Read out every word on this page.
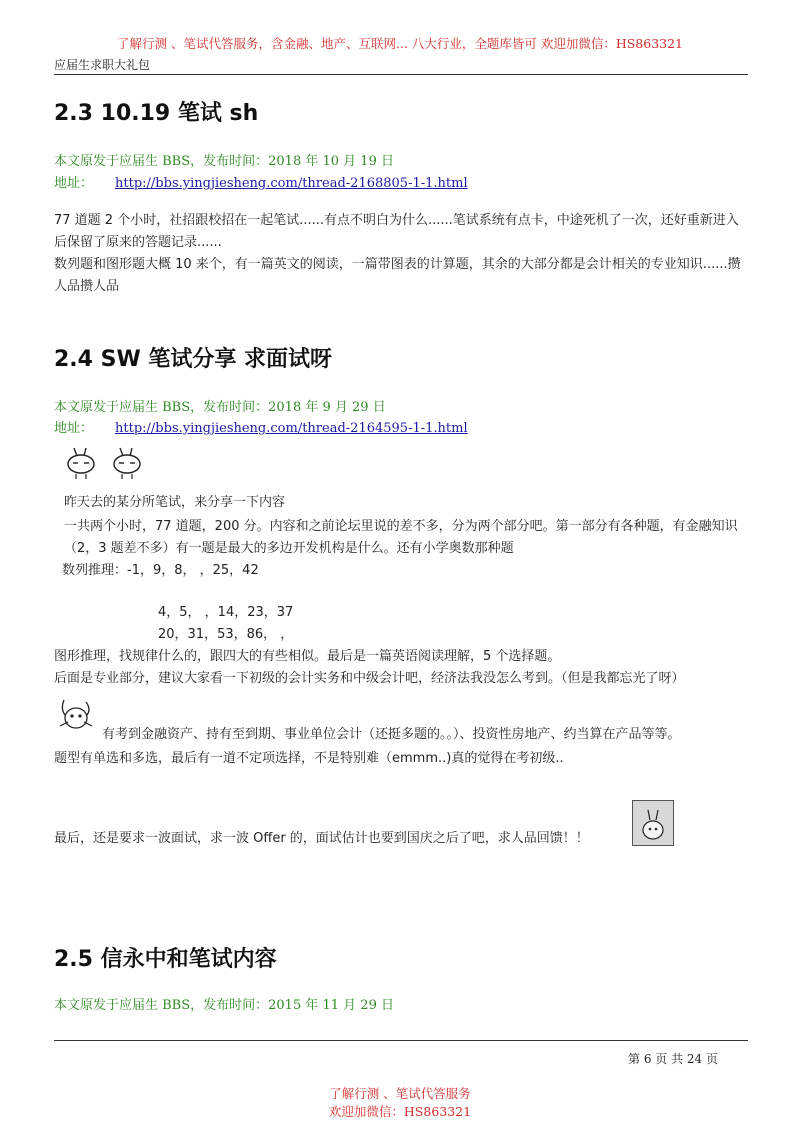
了解行测 、笔试代答服务，含金融、地产、互联网... 八大行业，全题库皆可 欢迎加微信：HS863321
应届生求职大礼包
2.3 10.19 笔试 sh
本文原发于应届生 BBS，发布时间：2018 年 10 月 19 日
地址： http://bbs.yingjiesheng.com/thread-2168805-1-1.html
77 道题 2 个小时，社招跟校招在一起笔试......有点不明白为什么......笔试系统有点卡，中途死机了一次，还好重新进入后保留了原来的答题记录......
数列题和图形题大概 10 来个，有一篇英文的阅读，一篇带图表的计算题，其余的大部分都是会计相关的专业知识......攒人品攒人品
2.4 SW 笔试分享 求面试呀
本文原发于应届生 BBS，发布时间：2018 年 9 月 29 日
地址： http://bbs.yingjiesheng.com/thread-2164595-1-1.html
昨天去的某分所笔试，来分享一下内容
一共两个小时，77 道题，200 分。内容和之前论坛里说的差不多，分为两个部分吧。第一部分有各种题，有金融知识（2，3 题差不多）有一题是最大的多边开发机构是什么。还有小学奥数那种题
数列推理：-1，9，8， ，25，42
4，5， ，14，23，37
20，31，53，86， ，
图形推理，找规律什么的，跟四大的有些相似。最后是一篇英语阅读理解，5 个选择题。
后面是专业部分，建议大家看一下初级的会计实务和中级会计吧，经济法我没怎么考到。（但是我都忘光了呀）
有考到金融资产、持有至到期、事业单位会计（还挺多题的。。）、投资性房地产、约当算在产品等等。
题型有单选和多选，最后有一道不定项选择，不是特别难（emmm..)真的觉得在考初级..
最后，还是要求一波面试，求一波 Offer 的，面试估计也要到国庆之后了吧，求人品回馈！！
2.5 信永中和笔试内容
本文原发于应届生 BBS，发布时间：2015 年 11 月 29 日
第 6 页 共 24 页
了解行测 、笔试代答服务
欢迎加微信：HS863321
